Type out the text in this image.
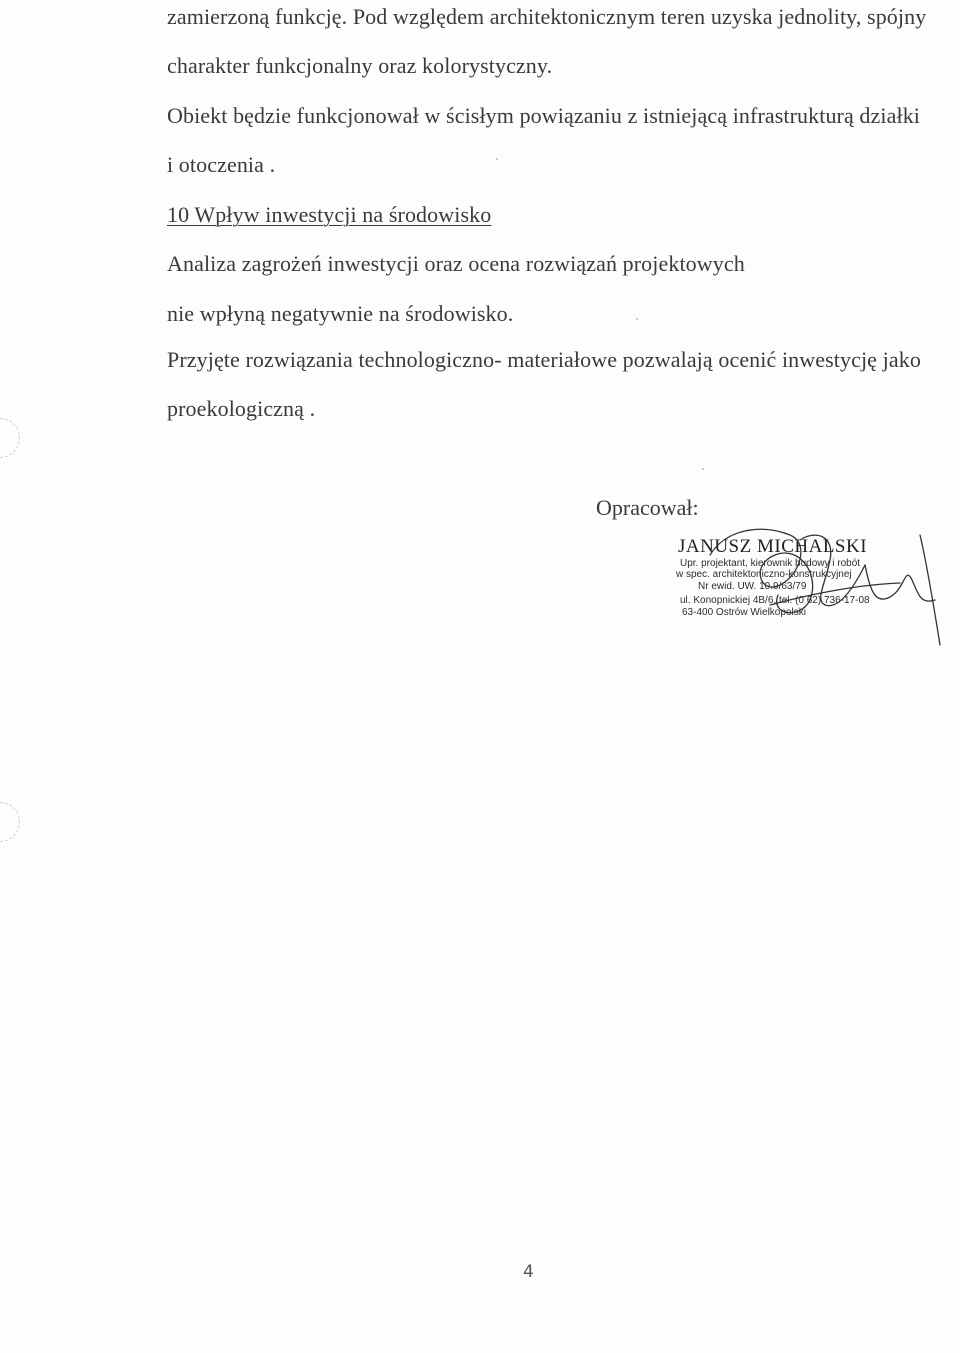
zamierzoną funkcję. Pod względem architektonicznym teren uzyska jednolity, spójny
charakter funkcjonalny oraz kolorystyczny.
Obiekt będzie funkcjonował w ścisłym powiązaniu z istniejącą infrastrukturą działki
i otoczenia .
10 Wpływ inwestycji na środowisko
Analiza zagrożeń inwestycji oraz ocena rozwiązań projektowych
nie wpłyną negatywnie na środowisko.
Przyjęte rozwiązania technologiczno- materiałowe pozwalają ocenić inwestycję jako
proekologiczną .
Opracował:
JANUSZ MICHALSKI
Upr. projektant, kierownik budowy i robót
w spec. architektoniczno-konstrukcyjnej
Nr ewid. UW. 10.9/63/79
ul. Konopnickiej 4B/6, tel. (0 62) 736-17-08
63-400 Ostrów Wielkopolski
4
